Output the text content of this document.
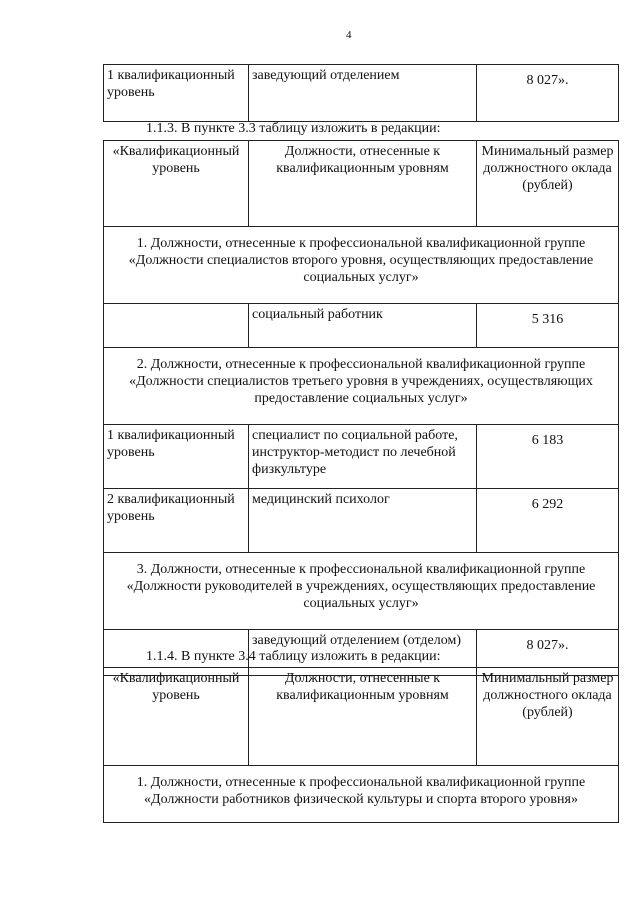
4
1 квалификационный уровень	заведующий отделением	8 027».
1.1.3. В пункте 3.3 таблицу изложить в редакции:
«Квалификационный уровень	Должности, отнесенные к квалификационным уровням	Минимальный размер должностного оклада (рублей)
1. Должности, отнесенные к профессиональной квалификационной группе «Должности специалистов второго уровня, осуществляющих предоставление социальных услуг»		
	социальный работник	5 316
2. Должности, отнесенные к профессиональной квалификационной группе «Должности специалистов третьего уровня в учреждениях, осуществляющих предоставление социальных услуг»		
1 квалификационный уровень	специалист по социальной работе, инструктор-методист по лечебной физкультуре	6 183
2 квалификационный уровень	медицинский психолог	6 292
3. Должности, отнесенные к профессиональной квалификационной группе «Должности руководителей в учреждениях, осуществляющих предоставление социальных услуг»		
	заведующий отделением (отделом)	8 027».
1.1.4. В пункте 3.4 таблицу изложить в редакции:
«Квалификационный уровень	Должности, отнесенные к квалификационным уровням	Минимальный размер должностного оклада (рублей)
1. Должности, отнесенные к профессиональной квалификационной группе «Должности работников физической культуры и спорта второго уровня»
